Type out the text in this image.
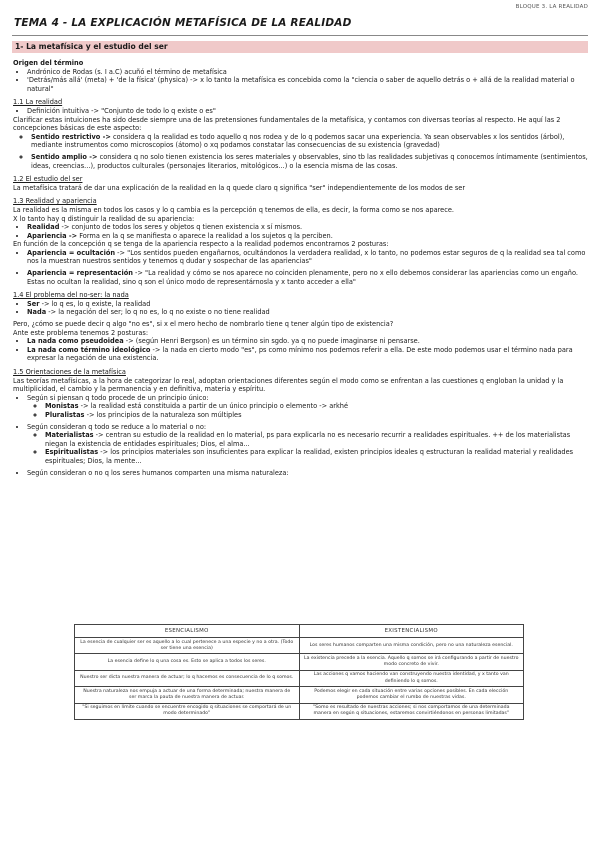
BLOQUE 3. LA REALIDAD
TEMA 4 - LA EXPLICACIÓN METAFÍSICA DE LA REALIDAD
1- La metafísica y el estudio del ser

Origen del término

• Andrónico de Rodas (s. I a.C) acuñó el término de metafísica
• 'Detrás/más allá' (meta) + 'de la física' (physica) -> x lo tanto la metafísica es concebida como la "ciencia o saber de aquello detrás o + allá de la realidad material o natural"

1.1 La realidad

• Definición intuitiva -> "Conjunto de todo lo q existe o es"

Clarificar estas intuiciones ha sido desde siempre una de las pretensiones fundamentales de la metafísica, y contamos con diversas teorías al respecto. He aquí las 2 concepciones básicas de este aspecto:

◦ Sentido restrictivo -> considera q la realidad es todo aquello q nos rodea y de lo q podemos sacar una experiencia. Ya sean observables x los sentidos (árbol), mediante instrumentos como microscopios (átomo) o xq podamos constatar las consecuencias de su existencia (gravedad)
◦ Sentido amplio -> considera q no solo tienen existencia los seres materiales y observables, sino tb las realidades subjetivas q conocemos íntimamente (sentimientos, ideas, creencias...), productos culturales (personajes literarios, mitológicos...) o la esencia misma de las cosas.

1.2 El estudio del ser

La metafísica tratará de dar una explicación de la realidad en la q quede claro q significa "ser" independientemente de los modos de ser

1.3 Realidad y apariencia

La realidad es la misma en todos los casos y lo q cambia es la percepción q tenemos de ella, es decir, la forma como se nos aparece.

X lo tanto hay q distinguir la realidad de su apariencia:

• Realidad -> conjunto de todos los seres y objetos q tienen existencia x sí mismos.
• Apariencia -> Forma en la q se manifiesta o aparece la realidad a los sujetos q la perciben.

En función de la concepción q se tenga de la apariencia respecto a la realidad podemos encontrarnos 2 posturas:

• Apariencia = ocultación -> "Los sentidos pueden engañarnos, ocultándonos la verdadera realidad, x lo tanto, no podemos estar seguros de q la realidad sea tal como nos la muestran nuestros sentidos y tenemos q dudar y sospechar de las apariencias"
• Apariencia = representación -> "La realidad y cómo se nos aparece no coinciden plenamente, pero no x ello debemos considerar las apariencias como un engaño. Estas no ocultan la realidad, sino q son el único modo de representárnosla y x tanto acceder a ella"

1.4 El problema del no-ser: la nada

• Ser -> lo q es, lo q existe, la realidad
• Nada -> la negación del ser; lo q no es, lo q no existe o no tiene realidad

Pero, ¿cómo se puede decir q algo "no es", si x el mero hecho de nombrarlo tiene q tener algún tipo de existencia?

Ante este problema tenemos 2 posturas:

• La nada como pseudoidea -> (según Henri Bergson) es un término sin sgdo. ya q no puede imaginarse ni pensarse.
• La nada como término ideológico -> la nada en cierto modo "es", ps como mínimo nos podemos referir a ella. De este modo podemos usar el término nada para expresar la negación de una existencia.

1.5 Orientaciones de la metafísica

Las teorías metafísicas, a la hora de categorizar lo real, adoptan orientaciones diferentes según el modo como se enfrentan a las cuestiones q engloban la unidad y la multiplicidad, el cambio y la permanencia y en definitiva, materia y espíritu.

• Según si piensan q todo procede de un principio único:
◦ Monistas -> la realidad está constituida a partir de un único principio o elemento -> arkhé
◦ Pluralistas -> los principios de la naturaleza son múltiples
• Según consideran q todo se reduce a lo material o no:
◦ Materialistas -> centran su estudio de la realidad en lo material, ps para explicarla no es necesario recurrir a realidades espirituales. ++ de los materialistas niegan la existencia de entidades espirituales; Dios, el alma...
◦ Espiritualistas -> los principios materiales son insuficientes para explicar la realidad, existen principios ideales q estructuran la realidad material y realidades espirituales; Dios, la mente...
• Según consideran o no q los seres humanos comparten una misma naturaleza:
ESENCIALISMO	EXISTENCIALISMO
La esencia de cualquier ser es aquello a lo cual pertenece a una especie y no a otra. (Todo ser tiene una esencia)	Los seres humanos comparten una misma condición, pero no una naturaleza esencial.
La esencia define lo q una cosa es. Esto se aplica a todos los seres.	La existencia precede a la esencia. Aquello q somos se irá configurando a partir de nuestro modo concreto de vivir.
Nuestro ser dicta nuestra manera de actuar; lo q hacemos es consecuencia de lo q somos.	Las acciones q vamos haciendo van construyendo nuestra identidad, y x tanto van definiendo lo q somos.
Nuestra naturaleza nos empuja a actuar de una forma determinada; nuestra manera de ser marca la pauta de nuestra manera de actuar.	Podemos elegir en cada situación entre varias opciones posibles. En cada elección podemos cambiar el rumbo de nuestras vidas.
"Si seguimos en límite cuando se encuentre encogido q situaciones se comportará de un modo determinado"	"Somo es resultado de nuestras acciones; si nos comportamos de una determinada manera en según q situaciones, estaremos convirtiéndonos en personas limitadas"
